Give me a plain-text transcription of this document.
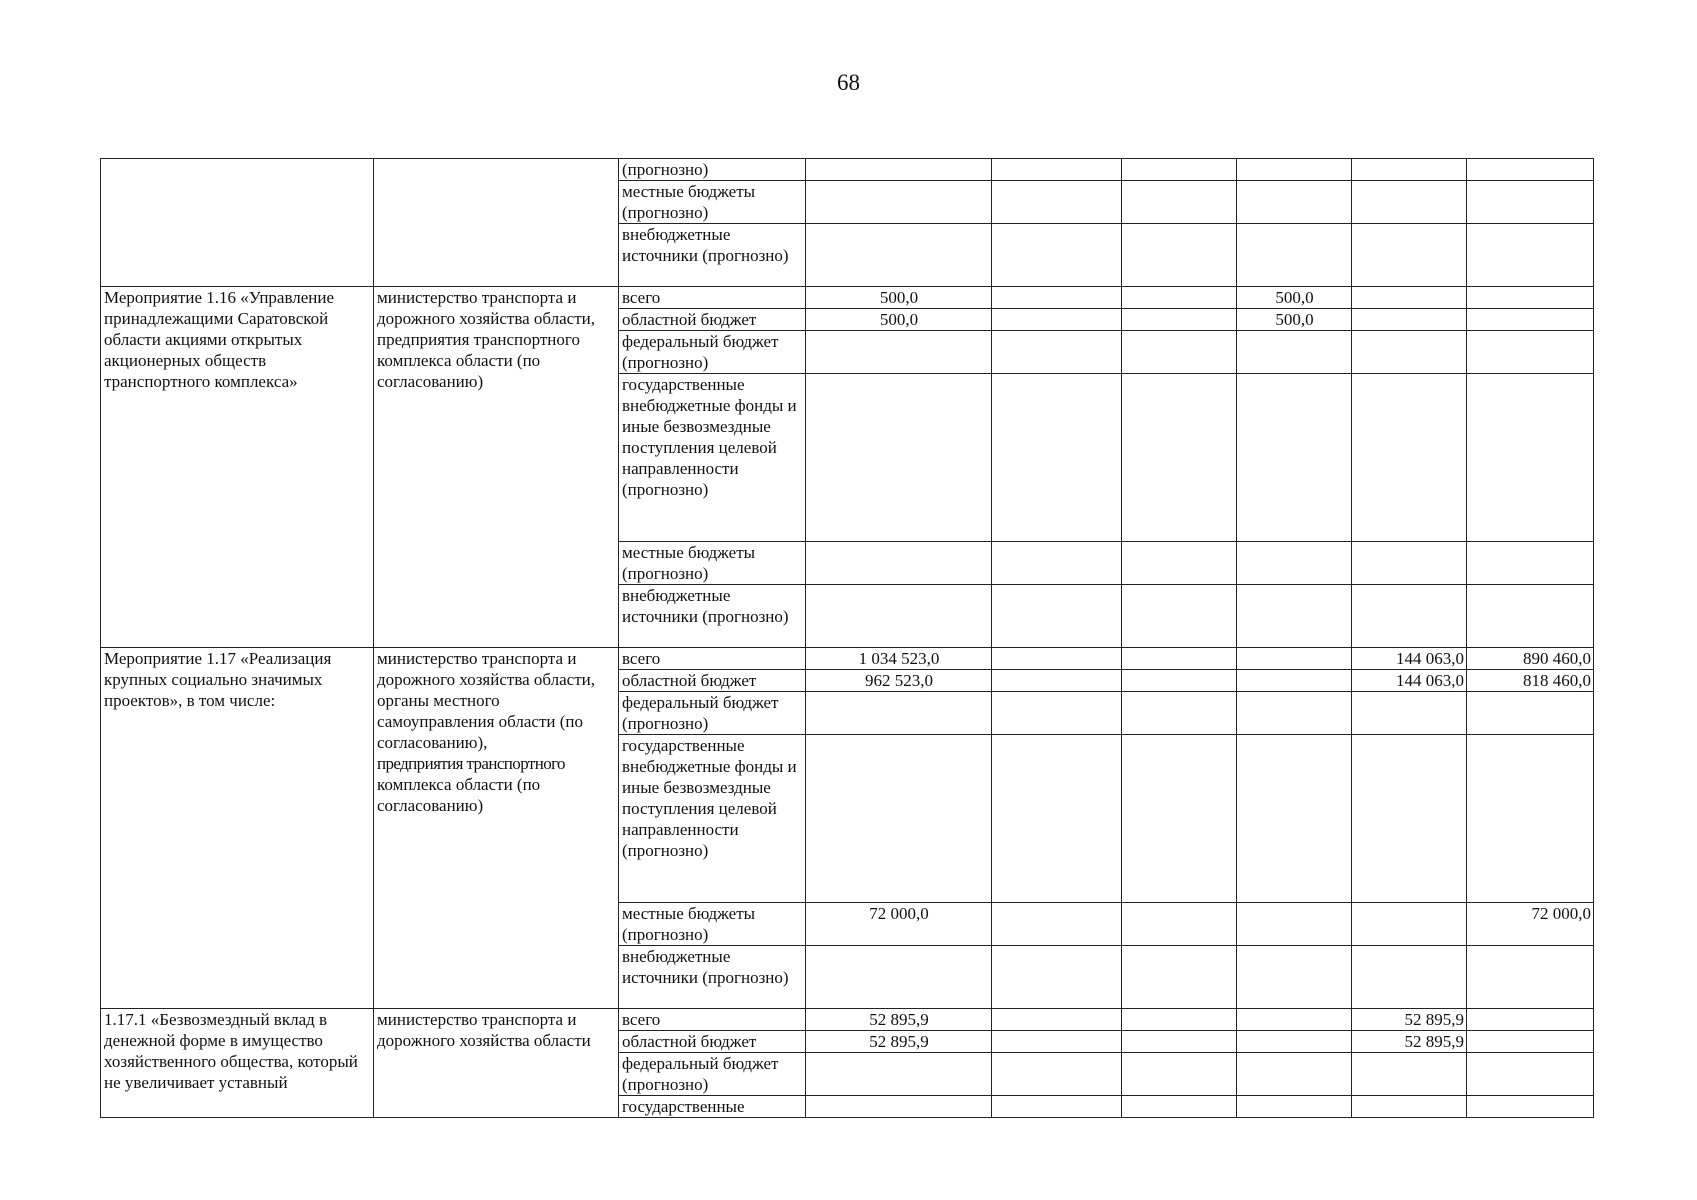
68
		(прогнозно)						
		местные бюджеты (прогнозно)						
		внебюджетные источники (прогнозно)						
Мероприятие 1.16 «Управление принадлежащими Саратовской области акциями открытых акционерных обществ транспортного комплекса»	министерство транспорта и дорожного хозяйства области, предприятия транспортного комплекса области (по согласованию)	всего	500,0			500,0		
		областной бюджет	500,0			500,0		
		федеральный бюджет (прогнозно)						
		государственные внебюджетные фонды и иные безвозмездные поступления целевой направленности (прогнозно)						
		местные бюджеты (прогнозно)						
		внебюджетные источники (прогнозно)						
Мероприятие 1.17 «Реализация крупных социально значимых проектов», в том числе:	министерство транспорта и дорожного хозяйства области, органы местного самоуправления области (по согласованию),
предприятия транспортного
комплекса области (по согласованию)	всего	1 034 523,0				144 063,0	890 460,0
		областной бюджет	962 523,0				144 063,0	818 460,0
		федеральный бюджет (прогнозно)						
		государственные внебюджетные фонды и иные безвозмездные поступления целевой направленности (прогнозно)						
		местные бюджеты (прогнозно)	72 000,0					72 000,0
		внебюджетные источники (прогнозно)						
1.17.1 «Безвозмездный вклад в денежной форме в имущество хозяйственного общества, который не увеличивает уставный	министерство транспорта и дорожного хозяйства области	всего	52 895,9				52 895,9	
		областной бюджет	52 895,9				52 895,9	
		федеральный бюджет (прогнозно)						
		государственные						
